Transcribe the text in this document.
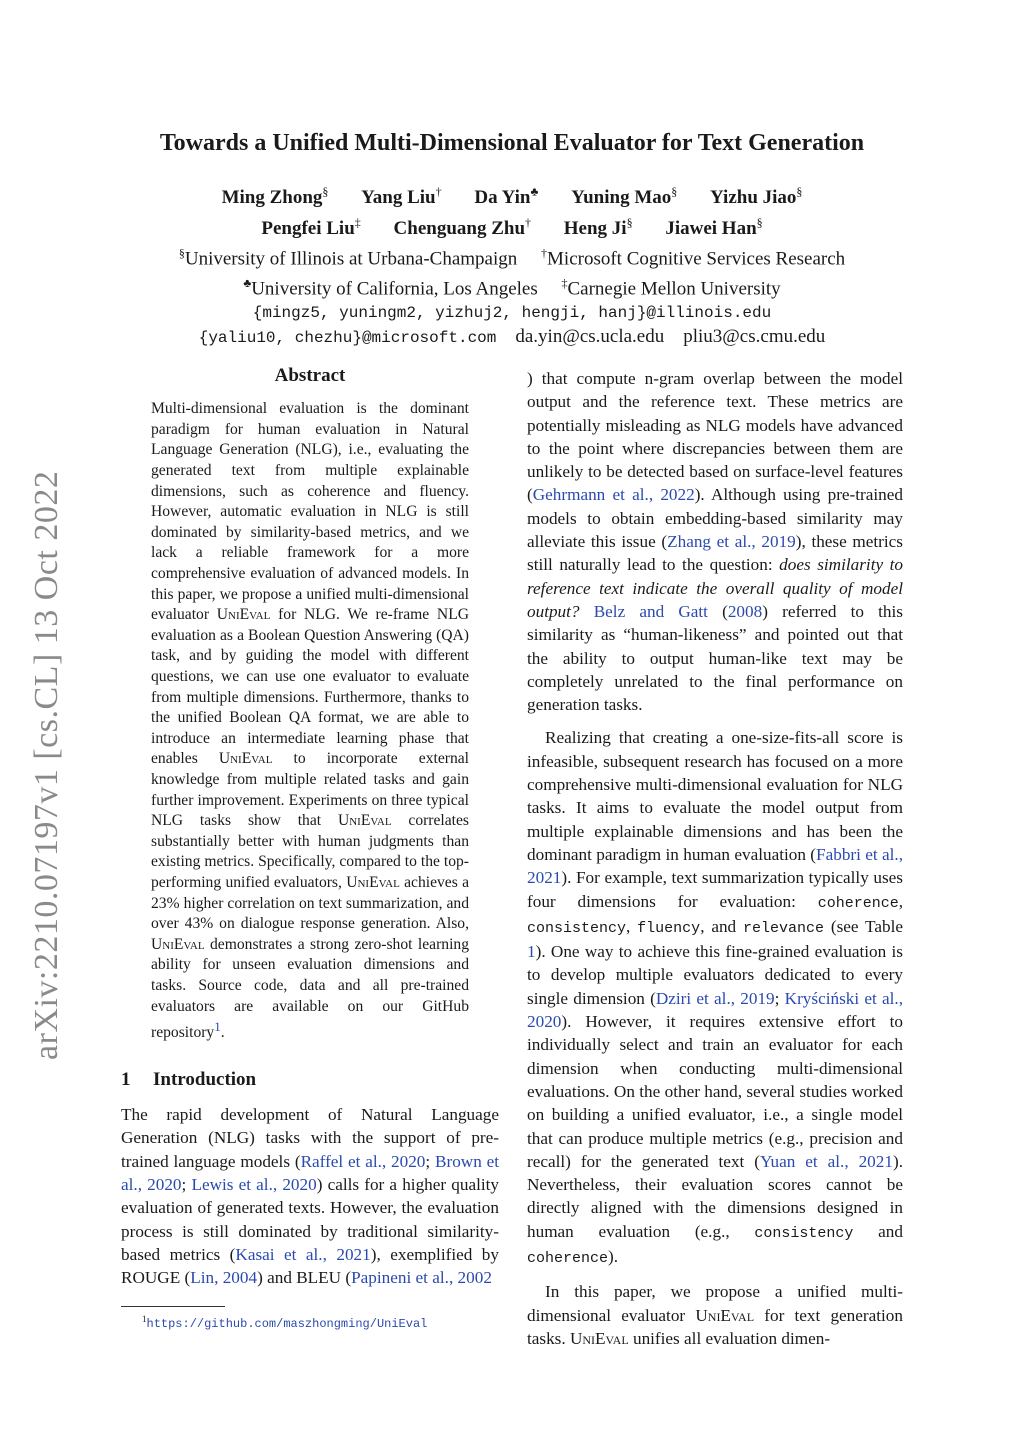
arXiv:2210.07197v1 [cs.CL] 13 Oct 2022
Towards a Unified Multi-Dimensional Evaluator for Text Generation
Ming Zhong§ Yang Liu† Da Yin♣ Yuning Mao§ Yizhu Jiao§
Pengfei Liu‡ Chenguang Zhu† Heng Ji§ Jiawei Han§
§University of Illinois at Urbana-Champaign †Microsoft Cognitive Services Research
♣University of California, Los Angeles ‡Carnegie Mellon University
{mingz5, yuningm2, yizhuj2, hengji, hanj}@illinois.edu
{yaliu10, chezhu}@microsoft.com da.yin@cs.ucla.edu pliu3@cs.cmu.edu
Abstract

Multi-dimensional evaluation is the dominant paradigm for human evaluation in Natural Language Generation (NLG), i.e., evaluating the generated text from multiple explainable dimensions, such as coherence and fluency. However, automatic evaluation in NLG is still dominated by similarity-based metrics, and we lack a reliable framework for a more comprehensive evaluation of advanced models. In this paper, we propose a unified multi-dimensional evaluator UniEval for NLG. We re-frame NLG evaluation as a Boolean Question Answering (QA) task, and by guiding the model with different questions, we can use one evaluator to evaluate from multiple dimensions. Furthermore, thanks to the unified Boolean QA format, we are able to introduce an intermediate learning phase that enables UniEval to incorporate external knowledge from multiple related tasks and gain further improvement. Experiments on three typical NLG tasks show that UniEval correlates substantially better with human judgments than existing metrics. Specifically, compared to the top-performing unified evaluators, UniEval achieves a 23% higher correlation on text summarization, and over 43% on dialogue response generation. Also, UniEval demonstrates a strong zero-shot learning ability for unseen evaluation dimensions and tasks. Source code, data and all pre-trained evaluators are available on our GitHub repository$^1$.

1 Introduction

The rapid development of Natural Language Generation (NLG) tasks with the support of pre-trained language models (Raffel et al., 2020; Brown et al., 2020; Lewis et al., 2020) calls for a higher quality evaluation of generated texts. However, the evaluation process is still dominated by traditional similarity-based metrics (Kasai et al., 2021), exemplified by ROUGE (Lin, 2004) and BLEU (Papineni et al., 2002

) that compute n-gram overlap between the model output and the reference text. These metrics are potentially misleading as NLG models have advanced to the point where discrepancies between them are unlikely to be detected based on surface-level features (Gehrmann et al., 2022). Although using pre-trained models to obtain embedding-based similarity may alleviate this issue (Zhang et al., 2019), these metrics still naturally lead to the question: does similarity to reference text indicate the overall quality of model output? Belz and Gatt (2008) referred to this similarity as “human-likeness” and pointed out that the ability to output human-like text may be completely unrelated to the final performance on generation tasks.

Realizing that creating a one-size-fits-all score is infeasible, subsequent research has focused on a more comprehensive multi-dimensional evaluation for NLG tasks. It aims to evaluate the model output from multiple explainable dimensions and has been the dominant paradigm in human evaluation (Fabbri et al., 2021). For example, text summarization typically uses four dimensions for evaluation: coherence, consistency, fluency, and relevance (see Table 1). One way to achieve this fine-grained evaluation is to develop multiple evaluators dedicated to every single dimension (Dziri et al., 2019; Kryściński et al., 2020). However, it requires extensive effort to individually select and train an evaluator for each dimension when conducting multi-dimensional evaluations. On the other hand, several studies worked on building a unified evaluator, i.e., a single model that can produce multiple metrics (e.g., precision and recall) for the generated text (Yuan et al., 2021). Nevertheless, their evaluation scores cannot be directly aligned with the dimensions designed in human evaluation (e.g., consistency and coherence).

In this paper, we propose a unified multi-dimensional evaluator UniEval for text generation tasks. UniEval unifies all evaluation dimen-

$^1$https://github.com/maszhongming/UniEval
